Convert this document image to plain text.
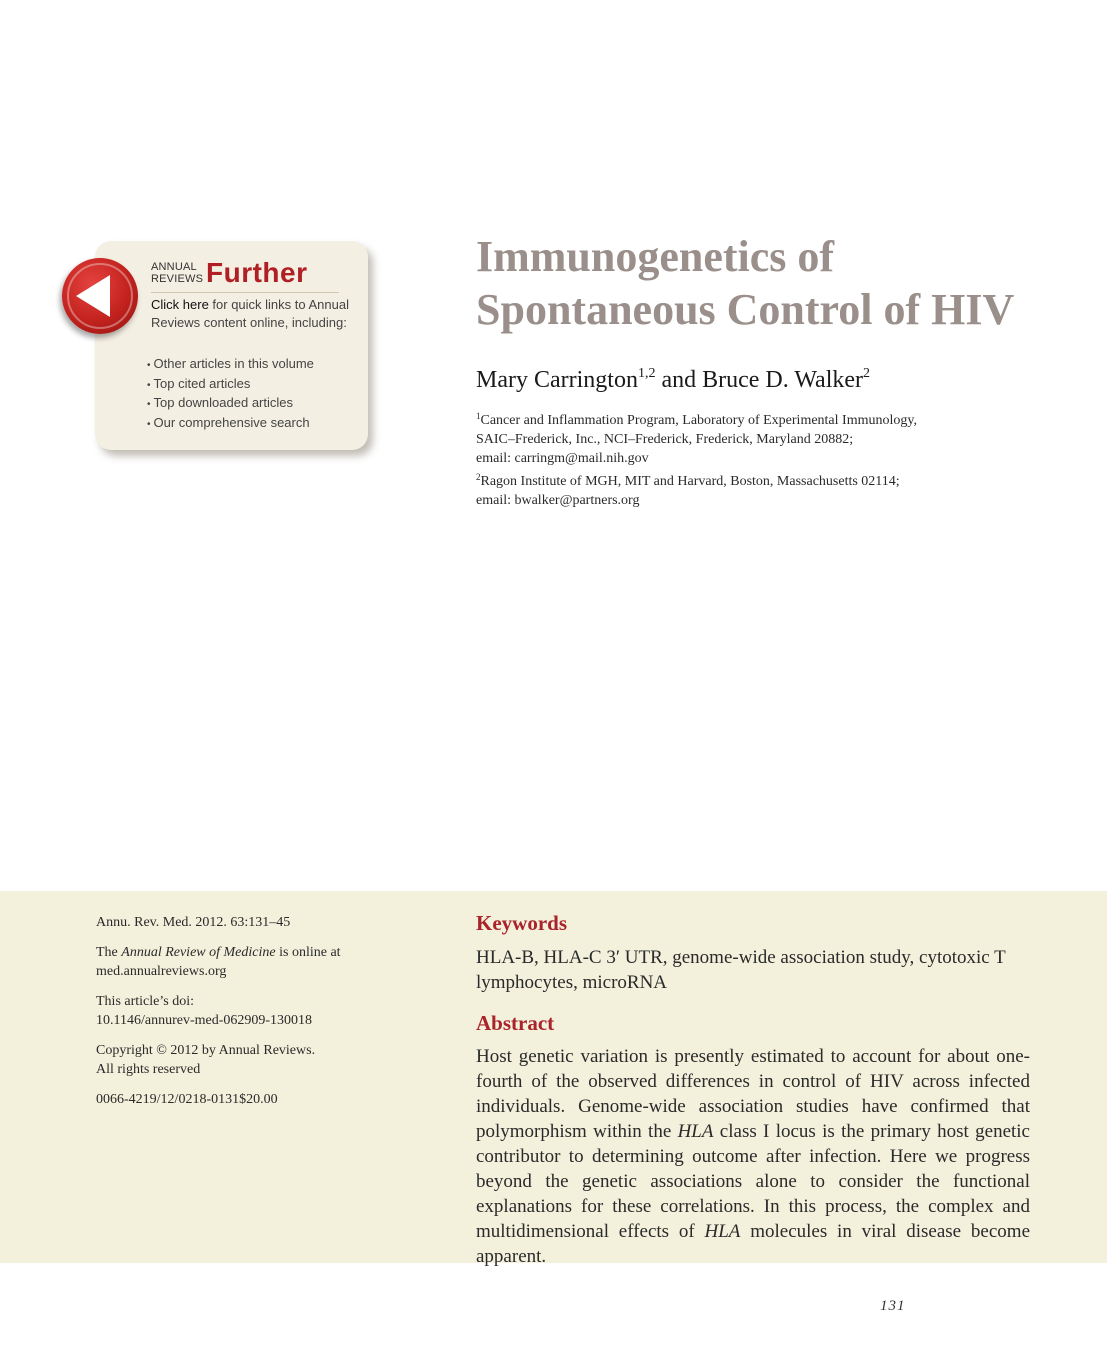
ANNUAL
REVIEWS Further
Click here for quick links to Annual Reviews content online, including:
• Other articles in this volume
• Top cited articles
• Top downloaded articles
• Our comprehensive search
Immunogenetics of
Spontaneous Control of HIV
Mary Carrington$^{1,2}$ and Bruce D. Walker$^2$
$^1$Cancer and Inflammation Program, Laboratory of Experimental Immunology,
SAIC–Frederick, Inc., NCI–Frederick, Frederick, Maryland 20882;
email: carringm@mail.nih.gov
$^2$Ragon Institute of MGH, MIT and Harvard, Boston, Massachusetts 02114;
email: bwalker@partners.org

Annu. Rev. Med. 2012. 63:131–45

The Annual Review of Medicine is online at
med.annualreviews.org

This article’s doi:
10.1146/annurev-med-062909-130018

Copyright © 2012 by Annual Reviews.
All rights reserved

0066-4219/12/0218-0131$20.00

Keywords
HLA-B, HLA-C 3′ UTR, genome-wide association study, cytotoxic T lymphocytes, microRNA
Abstract
Host genetic variation is presently estimated to account for about one-fourth of the observed differences in control of HIV across infected individuals. Genome-wide association studies have confirmed that polymorphism within the HLA class I locus is the primary host genetic contributor to determining outcome after infection. Here we progress beyond the genetic associations alone to consider the functional explanations for these correlations. In this process, the complex and multidimensional effects of HLA molecules in viral disease become apparent.
131
